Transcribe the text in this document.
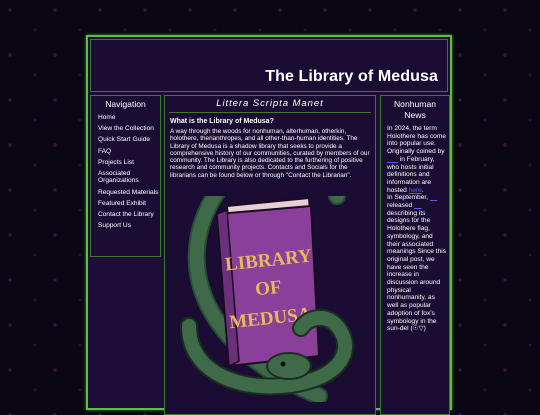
The Library of Medusa
Navigation
Home
View the Collection
Quick Start Guide
FAQ
Projects List
Associated Organizations
Requested Materials
Featured Exhibit
Contact the Library
Support Us
Littera Scripta Manet
What is the Library of Medusa?

A way through the woods for nonhuman, alterhuman, otherkin, holothere, therianthropes, and all other-than-human identities. The Library of Medusa is a shadow library that seeks to provide a comprehensive history of our communities, curated by members of our community. The Library is also dedicated to the furthering of positive research and community projects. Contacts and Socials for the librarians can be found below or through "Contact the Librarian".

LIBRARY
OF
MEDUSA
Nonhuman News
In 2024, the term Holothere has come into popular use. Originally coined by        in February, who hosts initial definitions and information are hosted here.
In September,      released      describing its designs for the Holothere flag, symbology, and their associated meanings Since this original post, we have seen the increase in discussion around physical nonhumanity, as well as popular adoption of fox's symbology in the sun-del (☉▽)
